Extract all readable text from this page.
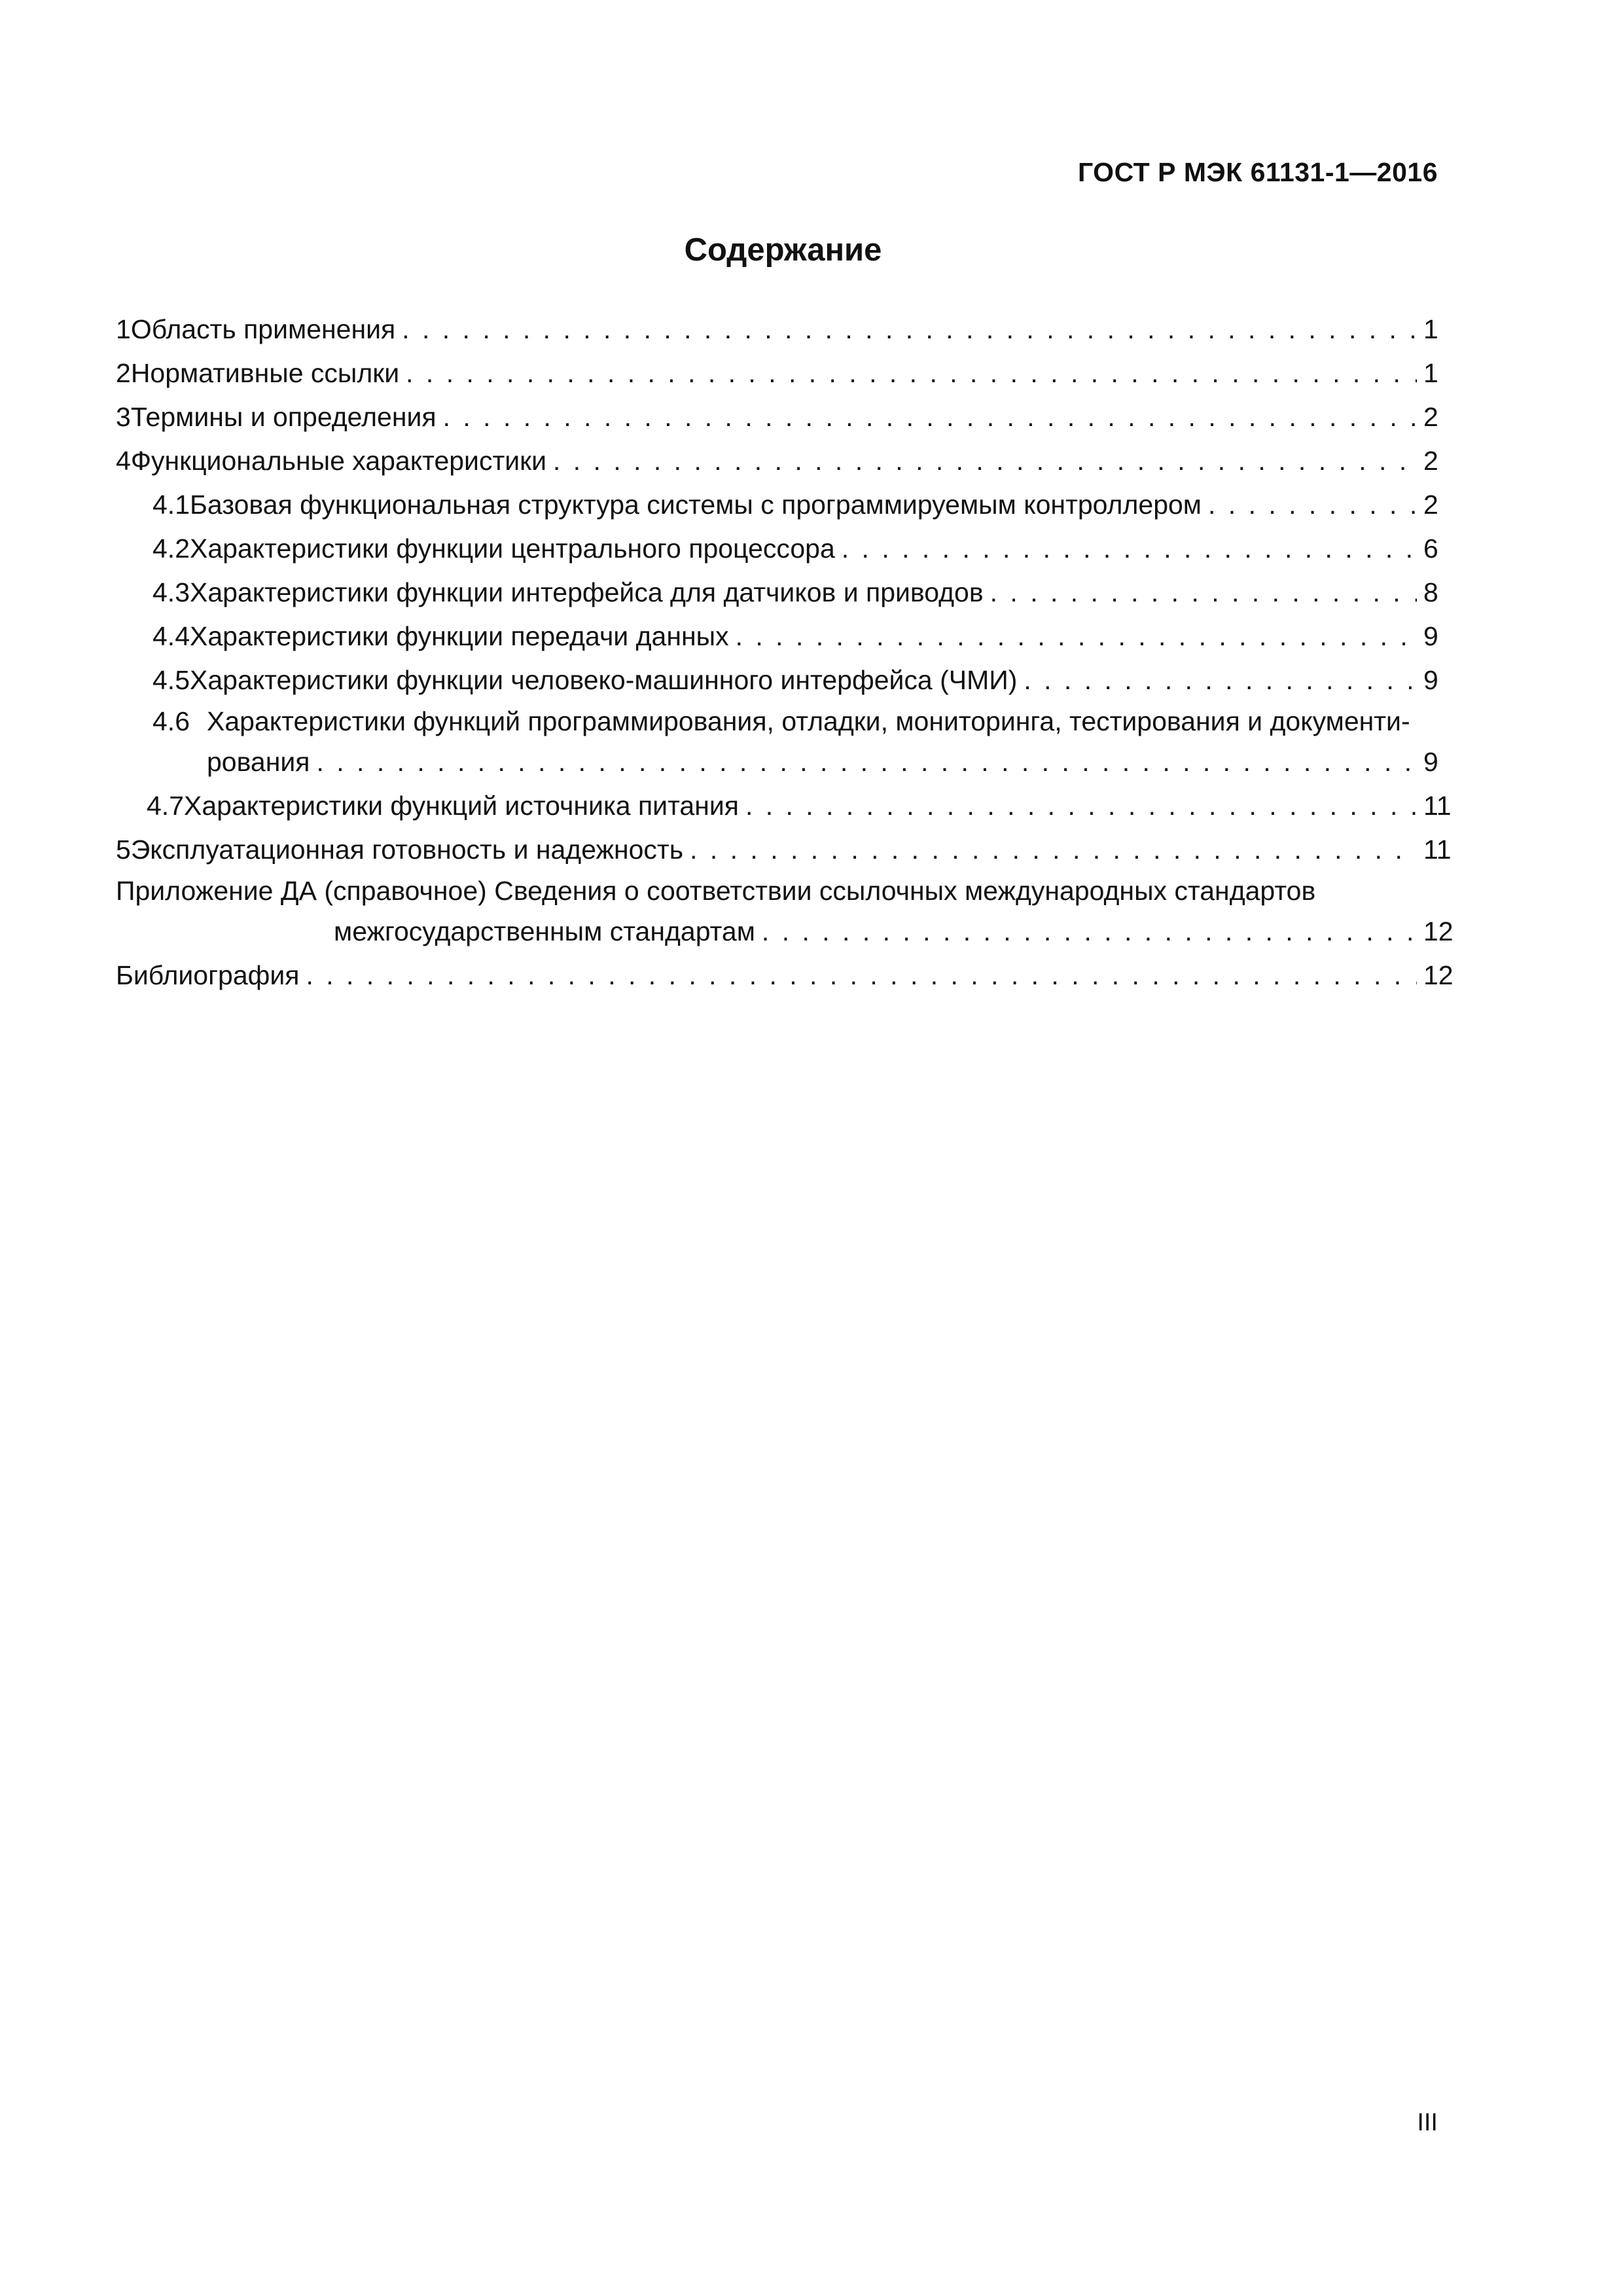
ГОСТ Р МЭК 61131-1—2016
Содержание
1 Область применения . . .	1
2 Нормативные ссылки . . .	1
3 Термины и определения . . .	2
4 Функциональные характеристики . . .	2
4.1 Базовая функциональная структура системы с программируемым контроллером . . .	2
4.2 Характеристики функции центрального процессора . . .	6
4.3 Характеристики функции интерфейса для датчиков и приводов . . .	8
4.4 Характеристики функции передачи данных . . .	9
4.5 Характеристики функции человеко-машинного интерфейса (ЧМИ) . . .	9
4.6 Характеристики функций программирования, отладки, мониторинга, тестирования и документи-
рования . . .	9
4.7 Характеристики функций источника питания . . .	11
5 Эксплуатационная готовность и надежность . . .	11
Приложение ДА (справочное) Сведения о соответствии ссылочных международных стандартов
межгосударственным стандартам . . .	12
Библиография . . .	12
III
